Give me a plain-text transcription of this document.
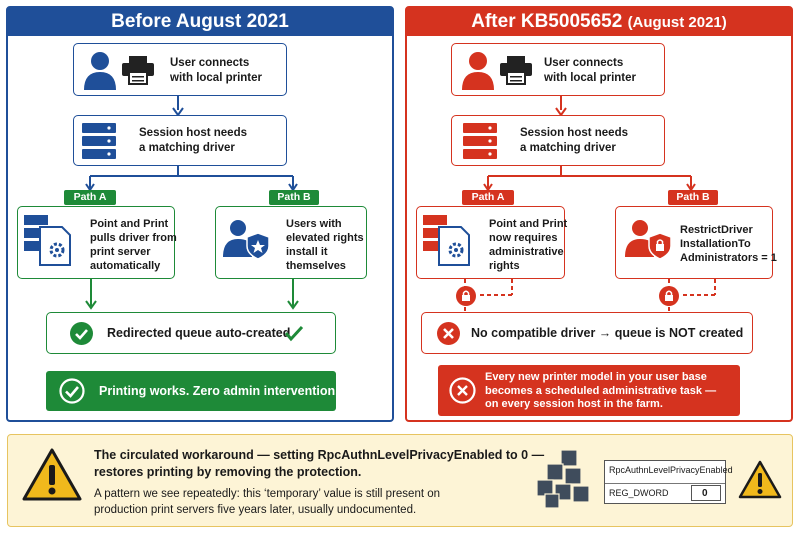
Before August 2021
User connects
with local printer
Session host needs
a matching driver
Path A	Path B
Point and Print
pulls driver from
print server
automatically
Users with
elevated rights
install it
themselves
Redirected queue auto-created
Printing works. Zero admin intervention.
After KB5005652 (August 2021)
User connects
with local printer
Session host needs
a matching driver
Path A	Path B
Point and Print
now requires
administrative
rights
RestrictDriver
InstallationTo
Administrators = 1
No compatible driver → queue is NOT created
Every new printer model in your user base
becomes a scheduled administrative task —
on every session host in the farm.
The circulated workaround — setting RpcAuthnLevelPrivacyEnabled to 0 —
restores printing by removing the protection.
A pattern we see repeatedly: this ‘temporary’ value is still present on
production print servers five years later, usually undocumented.
RpcAuthnLevelPrivacyEnabled
REG_DWORD	0
